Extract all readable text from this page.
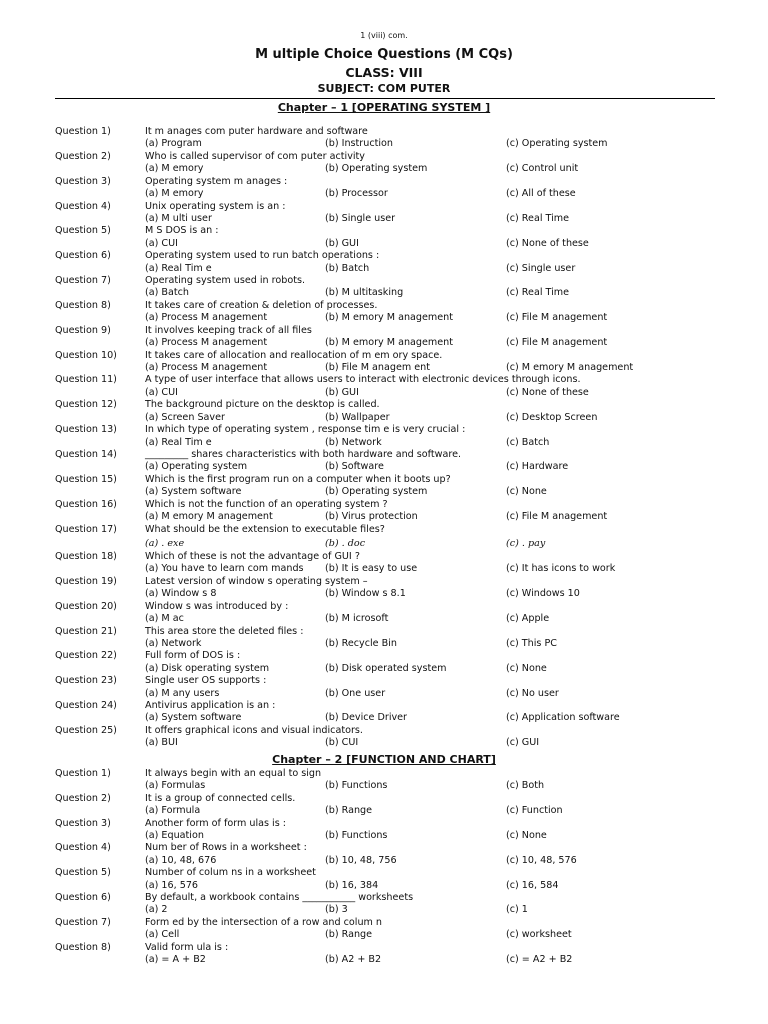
1 (viii) com.
M ultiple Choice Questions (M CQs)
CLASS: VIII
SUBJECT: COM PUTER
Chapter – 1 [OPERATING SYSTEM ]
Question 1)	It m anages com puter hardware and software
(a) Program	(b) Instruction	(c) Operating system
Question 2)	Who is called supervisor of com puter activity
(a) M emory	(b) Operating system	(c) Control unit
Question 3)	Operating system m anages :
(a) M emory	(b) Processor	(c) All of these
Question 4)	Unix operating system is an :
(a) M ulti user	(b) Single user	(c) Real Time
Question 5)	M S DOS is an :
(a) CUI	(b) GUI	(c) None of these
Question 6)	Operating system used to run batch operations :
(a) Real Tim e	(b) Batch	(c) Single user
Question 7)	Operating system used in robots.
(a) Batch	(b) M ultitasking	(c) Real Time
Question 8)	It takes care of creation & deletion of processes.
(a) Process M anagement	(b) M emory M anagement	(c) File M anagement
Question 9)	It involves keeping track of all files
(a) Process M anagement	(b) M emory M anagement	(c) File M anagement
Question 10)	It takes care of allocation and reallocation of m em ory space.
(a) Process M anagement	(b) File M anagem ent	(c) M emory M anagement
Question 11)	A type of user interface that allows users to interact with electronic devices through icons.
(a) CUI	(b) GUI	(c) None of these
Question 12)	The background picture on the desktop is called.
(a) Screen Saver	(b) Wallpaper	(c) Desktop Screen
Question 13)	In which type of operating system , response tim e is very crucial :
(a) Real Tim e	(b) Network	(c) Batch
Question 14)	_________ shares characteristics with both hardware and software.
(a) Operating system	(b) Software	(c) Hardware
Question 15)	Which is the first program run on a computer when it boots up?
(a) System software	(b) Operating system	(c) None
Question 16)	Which is not the function of an operating system ?
(a) M emory M anagement	(b) Virus protection	(c) File M anagement
Question 17)	What should be the extension to executable files?
(a) . exe	(b) . doc	(c) . pay
Question 18)	Which of these is not the advantage of GUI ?
(a) You have to learn com mands (b) It is easy to use	(c) It has icons to work
Question 19)	Latest version of window s operating system –
(a) Window s 8	(b) Window s 8.1	(c) Windows 10
Question 20)	Window s was introduced by :
(a) M ac	(b) M icrosoft	(c) Apple
Question 21)	This area store the deleted files :
(a) Network	(b) Recycle Bin	(c) This PC
Question 22)	Full form of DOS is :
(a) Disk operating system	(b) Disk operated system	(c) None
Question 23)	Single user OS supports :
(a) M any users	(b) One user	(c) No user
Question 24)	Antivirus application is an :
(a) System software	(b) Device Driver	(c) Application software
Question 25)	It offers graphical icons and visual indicators.
(a) BUI	(b) CUI	(c) GUI
Chapter – 2 [FUNCTION AND CHART]
Question 1)	It always begin with an equal to sign
(a) Formulas	(b) Functions	(c) Both
Question 2)	It is a group of connected cells.
(a) Formula	(b) Range	(c) Function
Question 3)	Another form of form ulas is :
(a) Equation	(b) Functions	(c) None
Question 4)	Num ber of Rows in a worksheet :
(a) 10, 48, 676	(b) 10, 48, 756	(c) 10, 48, 576
Question 5)	Number of colum ns in a worksheet
(a) 16, 576	(b) 16, 384	(c) 16, 584
Question 6)	By default, a workbook contains ___________ worksheets
(a) 2	(b) 3	(c) 1
Question 7)	Form ed by the intersection of a row and colum n
(a) Cell	(b) Range	(c) worksheet
Question 8)	Valid form ula is :
(a) = A + B2	(b) A2 + B2	(c) = A2 + B2
